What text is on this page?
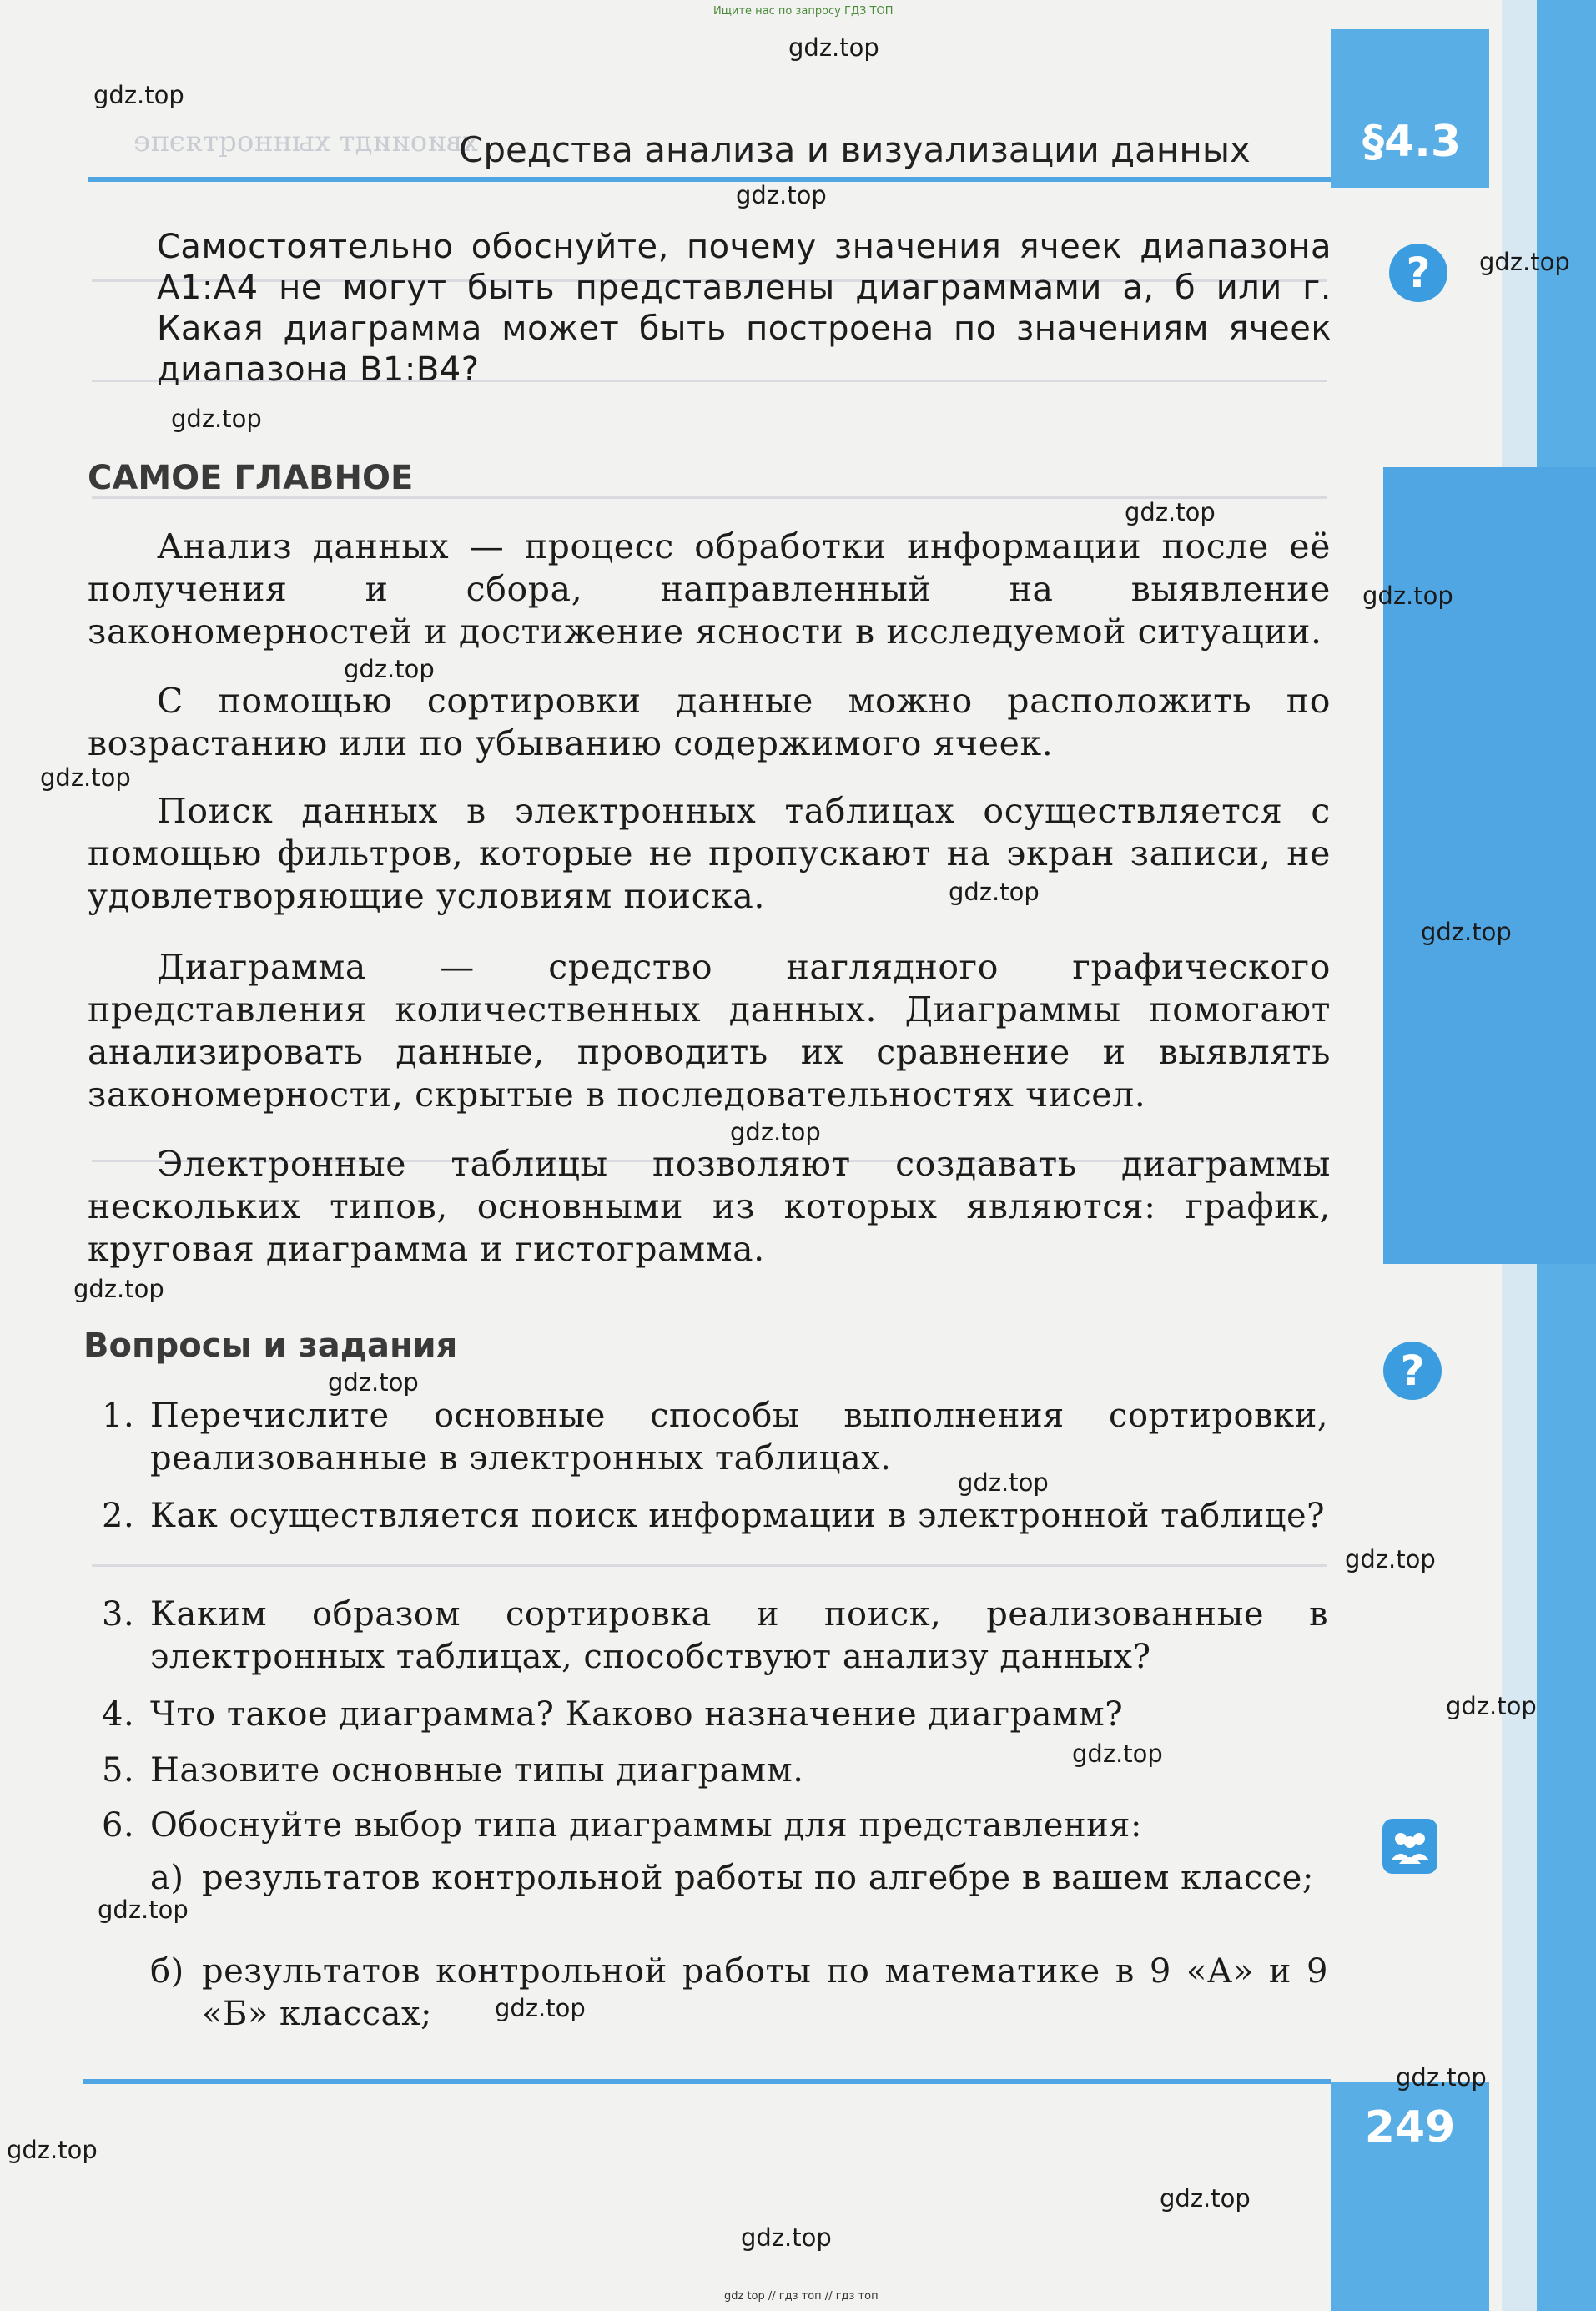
хвиоиидт хынноqтяэпе	§4.3
Средства анализа и визуализации данных
Самостоятельно обоснуйте, почему значения ячеек диапазона A1:A4 не могут быть представлены диаграммами а, б или г. Какая диаграмма может быть построена по значениям ячеек диапазона B1:B4?
САМОЕ ГЛАВНОЕ
Анализ данных — процесс обработки информации после её получения и сбора, направленный на выявление закономерностей и достижение ясности в исследуемой ситуации.
С помощью сортировки данные можно расположить по возрастанию или по убыванию содержимого ячеек.
Поиск данных в электронных таблицах осуществляется с помощью фильтров, которые не пропускают на экран записи, не удовлетворяющие условиям поиска.
Диаграмма — средство наглядного графического представления количественных данных. Диаграммы помогают анализировать данные, проводить их сравнение и выявлять закономерности, скрытые в последовательностях чисел.
Электронные таблицы позволяют создавать диаграммы нескольких типов, основными из которых являются: график, круговая диаграмма и гистограмма.
Вопросы и задания
1. Перечислите основные способы выполнения сортировки, реализованные в электронных таблицах.
2. Как осуществляется поиск информации в электронной таблице?
3. Каким образом сортировка и поиск, реализованные в электронных таблицах, способствуют анализу данных?
4. Что такое диаграмма? Каково назначение диаграмм?
5. Назовите основные типы диаграмм.
6. Обоснуйте выбор типа диаграммы для представления:
а) результатов контрольной работы по алгебре в вашем классе;
б) результатов контрольной работы по математике в 9 «А» и 9 «Б» классах;
?
?
249
Ищите нас по запросу ГДЗ ТОП
gdz top // гдз топ // гдз топ
gdz.top
gdz.top
gdz.top
gdz.top
gdz.top
gdz.top
gdz.top
gdz.top
gdz.top
gdz.top
gdz.top
gdz.top
gdz.top
gdz.top
gdz.top
gdz.top
gdz.top
gdz.top
gdz.top
gdz.top
gdz.top
gdz.top
gdz.top
gdz.top
